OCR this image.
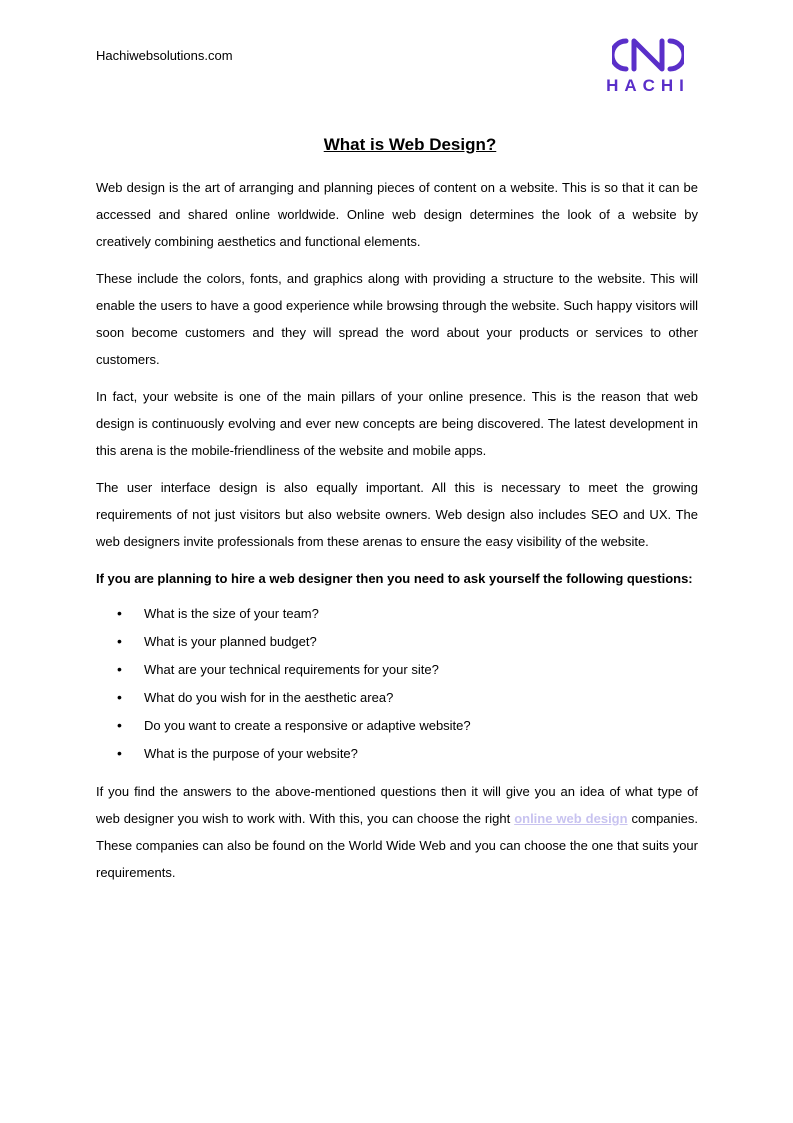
Hachiwebsolutions.com
HACHI
What is Web Design?

Web design is the art of arranging and planning pieces of content on a website. This is so that it can be accessed and shared online worldwide. Online web design determines the look of a website by creatively combining aesthetics and functional elements.

These include the colors, fonts, and graphics along with providing a structure to the website. This will enable the users to have a good experience while browsing through the website. Such happy visitors will soon become customers and they will spread the word about your products or services to other customers.

In fact, your website is one of the main pillars of your online presence. This is the reason that web design is continuously evolving and ever new concepts are being discovered. The latest development in this arena is the mobile-friendliness of the website and mobile apps.

The user interface design is also equally important. All this is necessary to meet the growing requirements of not just visitors but also website owners. Web design also includes SEO and UX. The web designers invite professionals from these arenas to ensure the easy visibility of the website.

If you are planning to hire a web designer then you need to ask yourself the following questions:
• What is the size of your team?
• What is your planned budget?
• What are your technical requirements for your site?
• What do you wish for in the aesthetic area?
• Do you want to create a responsive or adaptive website?
• What is the purpose of your website?

If you find the answers to the above-mentioned questions then it will give you an idea of what type of web designer you wish to work with. With this, you can choose the right online web design companies. These companies can also be found on the World Wide Web and you can choose the one that suits your requirements.
